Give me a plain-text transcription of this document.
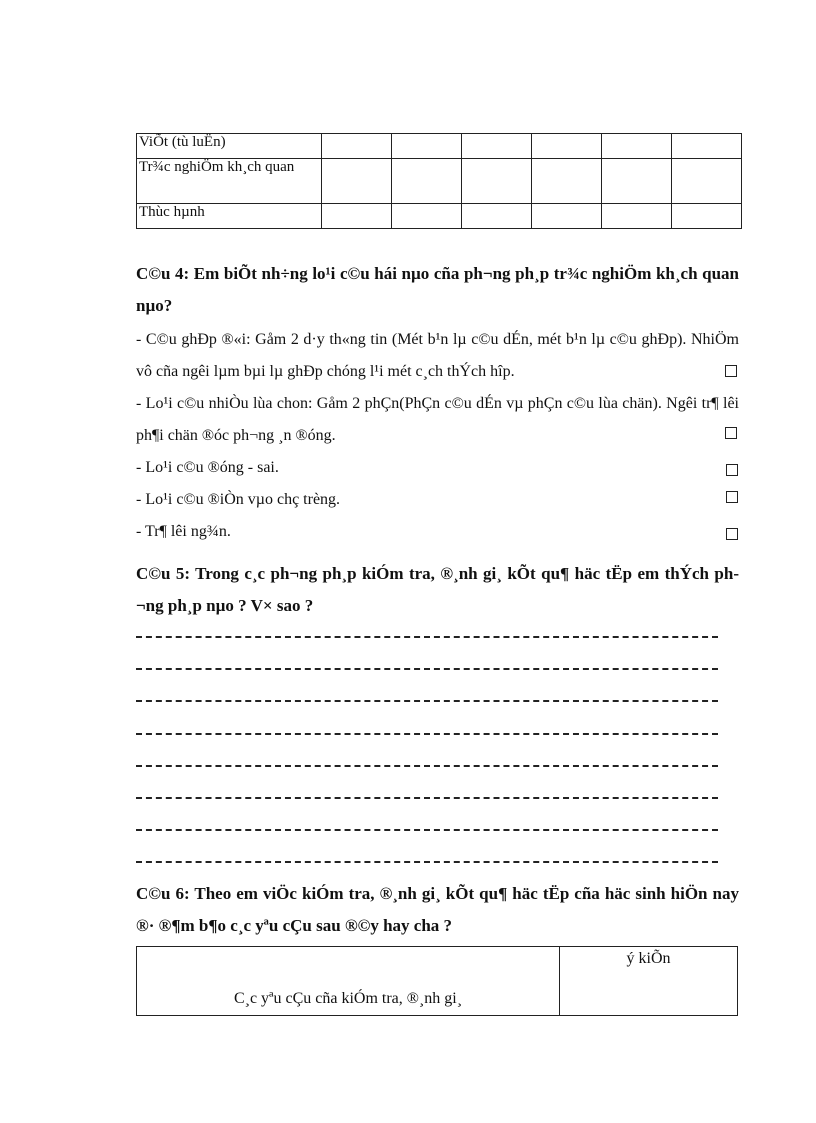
ViÕt (tù luËn)						
Tr¾c nghiÖm kh¸ch quan						
Thùc hµnh						
C©u 4: Em biÕt nh÷ng lo¹i c©u hái nµo cña ph¬ng ph¸p tr¾c nghiÖm kh¸ch quan nµo?
- C©u ghÐp ®«i: Gåm 2 d·y th«ng tin (Mét b¹n lµ c©u dÉn, mét b¹n lµ c©u ghÐp). NhiÖm vô cña ngêi lµm bµi lµ ghÐp chóng l¹i mét c¸ch thÝch hîp.
- Lo¹i c©u nhiÒu lùa chon: Gåm 2 phÇn(PhÇn c©u dÉn vµ phÇn c©u lùa chän). Ngêi tr¶ lêi ph¶i chän ®óc ph¬ng ¸n ®óng.
- Lo¹i c©u ®óng - sai.
- Lo¹i c©u ®iÒn vµo chç trèng.
- Tr¶ lêi ng¾n.
C©u 5: Trong c¸c ph¬ng ph¸p kiÓm tra, ®¸nh gi¸ kÕt qu¶ häc tËp em thÝch ph¬ng ph¸p nµo ? V× sao ?
C©u 6: Theo em viÖc kiÓm tra, ®¸nh gi¸ kÕt qu¶ häc tËp cña häc sinh hiÖn nay ®· ®¶m b¶o c¸c yªu cÇu sau ®©y hay cha ?
C¸c yªu cÇu cña kiÓm tra, ®¸nh gi¸	ý kiÕn
